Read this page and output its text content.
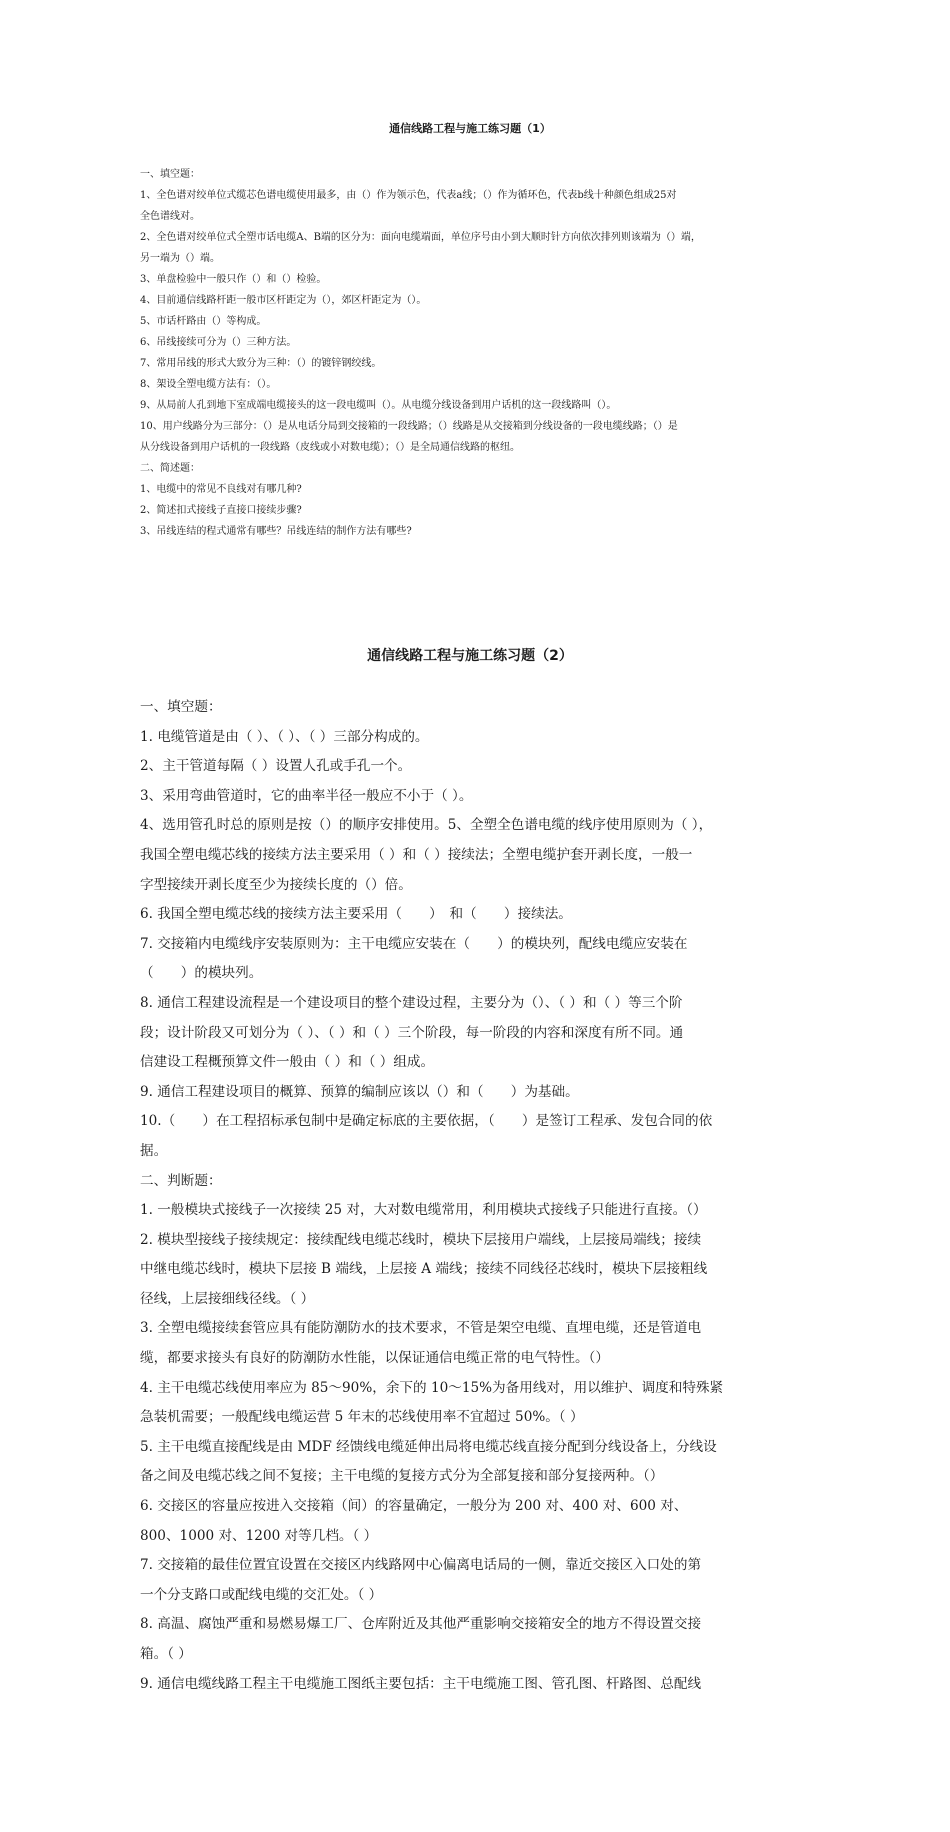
通信线路工程与施工练习题（1）
一、填空题：
1、全色谱对绞单位式缆芯色谱电缆使用最多，由（）作为领示色，代表a线；（）作为循环色，代表b线十种颜色组成25对
全色谱线对。
2、全色谱对绞单位式全塑市话电缆A、B端的区分为：面向电缆端面，单位序号由小到大顺时针方向依次排列则该端为（）端，
另一端为（）端。
3、单盘检验中一般只作（）和（）检验。
4、目前通信线路杆距一般市区杆距定为（），郊区杆距定为（）。
5、市话杆路由（）等构成。
6、吊线接续可分为（）三种方法。
7、常用吊线的形式大致分为三种：（）的镀锌钢绞线。
8、架设全塑电缆方法有：（）。
9、从局前人孔到地下室成端电缆接头的这一段电缆叫（）。从电缆分线设备到用户话机的这一段线路叫（）。
10、用户线路分为三部分：（）是从电话分局到交接箱的一段线路；（）线路是从交接箱到分线设备的一段电缆线路；（）是
从分线设备到用户话机的一段线路（皮线或小对数电缆）；（）是全局通信线路的枢纽。
二、简述题：
1、电缆中的常见不良线对有哪几种?
2、简述扣式接线子直接口接续步骤?
3、吊线连结的程式通常有哪些？吊线连结的制作方法有哪些?
通信线路工程与施工练习题（2）
一、填空题：
1. 电缆管道是由（ ）、（ ）、（ ）三部分构成的。
2、主干管道每隔（ ）设置人孔或手孔一个。
3、采用弯曲管道时，它的曲率半径一般应不小于（ ）。
4、选用管孔时总的原则是按（）的顺序安排使用。5、全塑全色谱电缆的线序使用原则为（ ），
我国全塑电缆芯线的接续方法主要采用（ ）和（ ）接续法；全塑电缆护套开剥长度，一般一
字型接续开剥长度至少为接续长度的（）倍。
6. 我国全塑电缆芯线的接续方法主要采用（　　）　和（　　）接续法。
7. 交接箱内电缆线序安装原则为：主干电缆应安装在（　　）的模块列，配线电缆应安装在
（　　）的模块列。
8. 通信工程建设流程是一个建设项目的整个建设过程，主要分为（）、（ ）和（ ）等三个阶
段；设计阶段又可划分为（ ）、（ ）和（ ）三个阶段，每一阶段的内容和深度有所不同。通
信建设工程概预算文件一般由（ ）和（ ）组成。
9. 通信工程建设项目的概算、预算的编制应该以（）和（　　）为基础。
10.（　　）在工程招标承包制中是确定标底的主要依据，（　　）是签订工程承、发包合同的依
据。
二、判断题：
1. 一般模块式接线子一次接续 25 对，大对数电缆常用，利用模块式接线子只能进行直接。（）
2. 模块型接线子接续规定：接续配线电缆芯线时，模块下层接用户端线，上层接局端线；接续
中继电缆芯线时，模块下层接 B 端线，上层接 A 端线；接续不同线径芯线时，模块下层接粗线
径线，上层接细线径线。（ ）
3. 全塑电缆接续套管应具有能防潮防水的技术要求，不管是架空电缆、直埋电缆，还是管道电
缆，都要求接头有良好的防潮防水性能，以保证通信电缆正常的电气特性。（）
4. 主干电缆芯线使用率应为 85～90%，余下的 10～15%为备用线对，用以维护、调度和特殊紧
急装机需要；一般配线电缆运营 5 年末的芯线使用率不宜超过 50%。（ ）
5. 主干电缆直接配线是由 MDF 经馈线电缆延伸出局将电缆芯线直接分配到分线设备上，分线设
备之间及电缆芯线之间不复接；主干电缆的复接方式分为全部复接和部分复接两种。（）
6. 交接区的容量应按进入交接箱（间）的容量确定，一般分为 200 对、400 对、600 对、
800、1000 对、1200 对等几档。（ ）
7. 交接箱的最佳位置宜设置在交接区内线路网中心偏离电话局的一侧，靠近交接区入口处的第
一个分支路口或配线电缆的交汇处。（ ）
8. 高温、腐蚀严重和易燃易爆工厂、仓库附近及其他严重影响交接箱安全的地方不得设置交接
箱。（ ）
9. 通信电缆线路工程主干电缆施工图纸主要包括：主干电缆施工图、管孔图、杆路图、总配线
